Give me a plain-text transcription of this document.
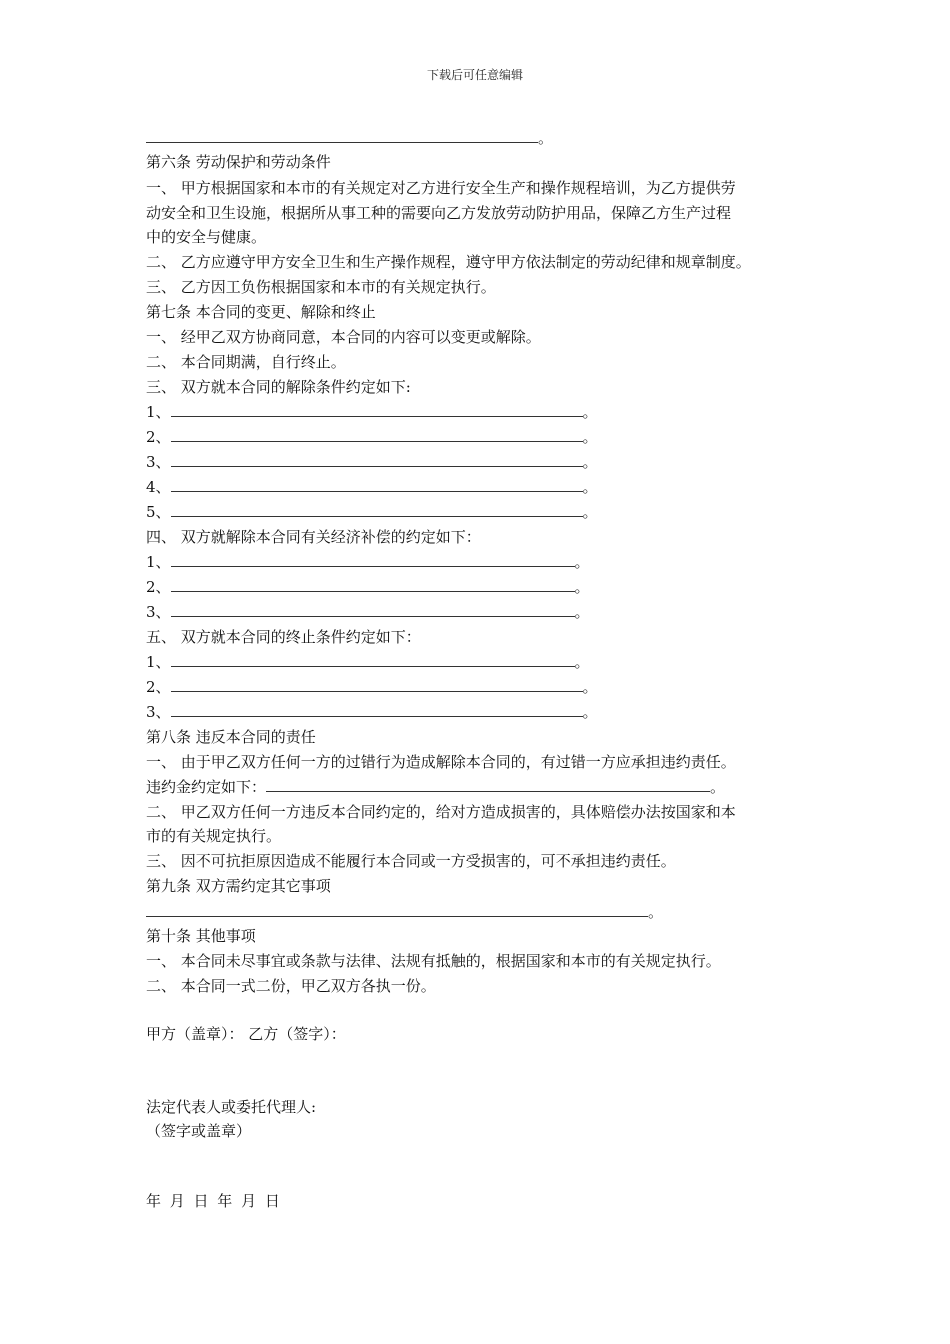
下载后可任意编辑
。
第六条 劳动保护和劳动条件
一、 甲方根据国家和本市的有关规定对乙方进行安全生产和操作规程培训，为乙方提供劳
动安全和卫生设施，根据所从事工种的需要向乙方发放劳动防护用品，保障乙方生产过程
中的安全与健康。
二、 乙方应遵守甲方安全卫生和生产操作规程，遵守甲方依法制定的劳动纪律和规章制度。
三、 乙方因工负伤根据国家和本市的有关规定执行。
第七条 本合同的变更、解除和终止
一、 经甲乙双方协商同意，本合同的内容可以变更或解除。
二、 本合同期满，自行终止。
三、 双方就本合同的解除条件约定如下:
1、	。
2、	。
3、	。
4、	。
5、	。
四、 双方就解除本合同有关经济补偿的约定如下：
1、	。
2、	。
3、	。
五、 双方就本合同的终止条件约定如下：
1、	。
2、	。
3、	。
第八条 违反本合同的责任
一、 由于甲乙双方任何一方的过错行为造成解除本合同的，有过错一方应承担违约责任。
违约金约定如下：	。
二、 甲乙双方任何一方违反本合同约定的，给对方造成损害的，具体赔偿办法按国家和本
市的有关规定执行。
三、 因不可抗拒原因造成不能履行本合同或一方受损害的，可不承担违约责任。
第九条 双方需约定其它事项
。
第十条 其他事项
一、 本合同未尽事宜或条款与法律、法规有抵触的，根据国家和本市的有关规定执行。
二、 本合同一式二份，甲乙双方各执一份。
甲方（盖章）： 乙方（签字）：
法定代表人或委托代理人:
（签字或盖章）
年 月 日 年 月 日
